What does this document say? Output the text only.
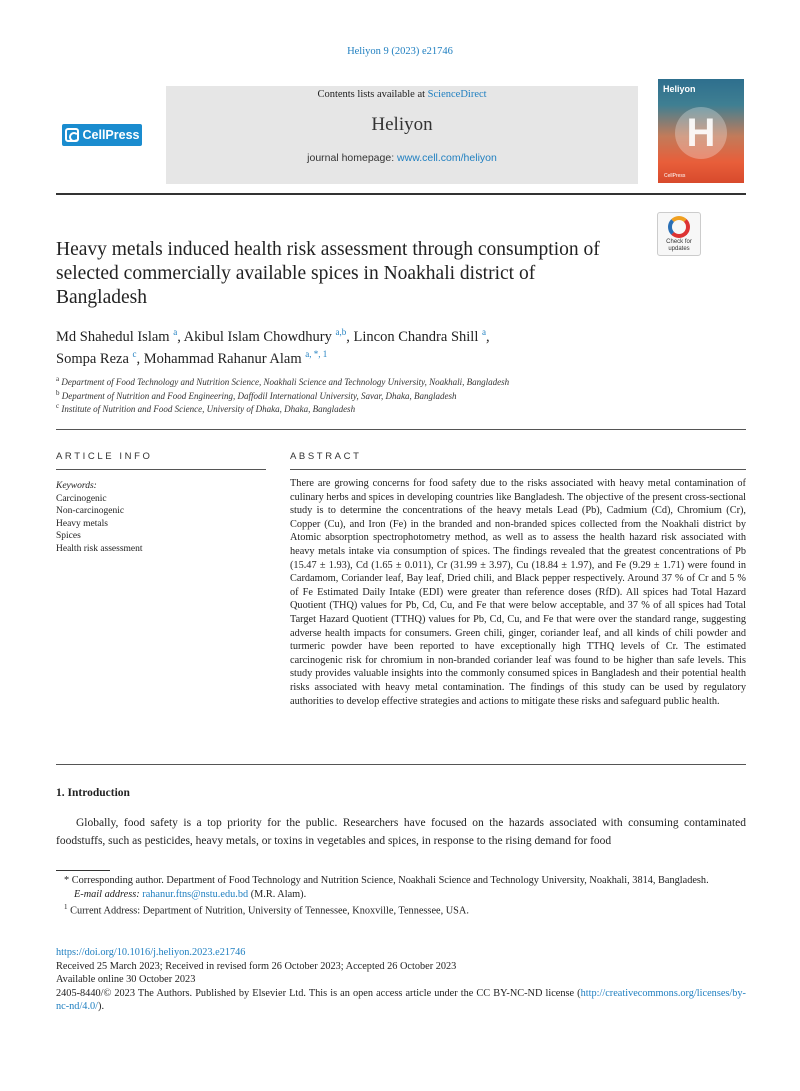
Heliyon 9 (2023) e21746
CellPress
Contents lists available at ScienceDirect
Heliyon
journal homepage: www.cell.com/heliyon
Heliyon
H
CellPress
Check for
updates
Heavy metals induced health risk assessment through consumption of selected commercially available spices in Noakhali district of Bangladesh
Md Shahedul Islam $^a$, Akibul Islam Chowdhury $^{a,b}$, Lincon Chandra Shill $^a$,
Sompa Reza $^c$, Mohammad Rahanur Alam $^{a, *, 1}$
$^a$ Department of Food Technology and Nutrition Science, Noakhali Science and Technology University, Noakhali, Bangladesh
$^b$ Department of Nutrition and Food Engineering, Daffodil International University, Savar, Dhaka, Bangladesh
$^c$ Institute of Nutrition and Food Science, University of Dhaka, Dhaka, Bangladesh
ARTICLE INFO	ABSTRACT
Keywords:
Carcinogenic
Non-carcinogenic
Heavy metals
Spices
Health risk assessment
There are growing concerns for food safety due to the risks associated with heavy metal contamination of culinary herbs and spices in developing countries like Bangladesh. The objective of the present cross-sectional study is to determine the concentrations of the heavy metals Lead (Pb), Cadmium (Cd), Chromium (Cr), Copper (Cu), and Iron (Fe) in the branded and non-branded spices collected from the Noakhali district by Atomic absorption spectrophotometry method, as well as to assess the health hazard risk associated with heavy metals intake via consumption of spices. The findings revealed that the greatest concentrations of Pb (15.47 ± 1.93), Cd (1.65 ± 0.011), Cr (31.99 ± 3.97), Cu (18.84 ± 1.97), and Fe (9.29 ± 1.71) were found in Cardamom, Coriander leaf, Bay leaf, Dried chili, and Black pepper respectively. Around 37 % of Cr and 5 % of Fe Estimated Daily Intake (EDI) were greater than reference doses (RfD). All spices had Total Hazard Quotient (THQ) values for Pb, Cd, Cu, and Fe that were below acceptable, and 37 % of all spices had Total Target Hazard Quotient (TTHQ) values for Pb, Cd, Cu, and Fe that were over the standard range, suggesting adverse health impacts for consumers. Green chili, ginger, coriander leaf, and all kinds of chili powder and turmeric powder have been reported to have exceptionally high TTHQ levels of Cr. The estimated carcinogenic risk for chromium in non-branded coriander leaf was found to be higher than safe levels. This study provides valuable insights into the commonly consumed spices in Bangladesh and their potential health risks associated with heavy metal contamination. The findings of this study can be used by regulatory authorities to develop effective strategies and actions to mitigate these risks and safeguard public health.
1. Introduction
Globally, food safety is a top priority for the public. Researchers have focused on the hazards associated with consuming contaminated foodstuffs, such as pesticides, heavy metals, or toxins in vegetables and spices, in response to the rising demand for food

* Corresponding author. Department of Food Technology and Nutrition Science, Noakhali Science and Technology University, Noakhali, 3814, Bangladesh.

E-mail address: rahanur.ftns@nstu.edu.bd (M.R. Alam).

$^1$ Current Address: Department of Nutrition, University of Tennessee, Knoxville, Tennessee, USA.

https://doi.org/10.1016/j.heliyon.2023.e21746
Received 25 March 2023; Received in revised form 26 October 2023; Accepted 26 October 2023
Available online 30 October 2023
2405-8440/© 2023 The Authors. Published by Elsevier Ltd. This is an open access article under the CC BY-NC-ND license (http://creativecommons.org/licenses/by-nc-nd/4.0/).
